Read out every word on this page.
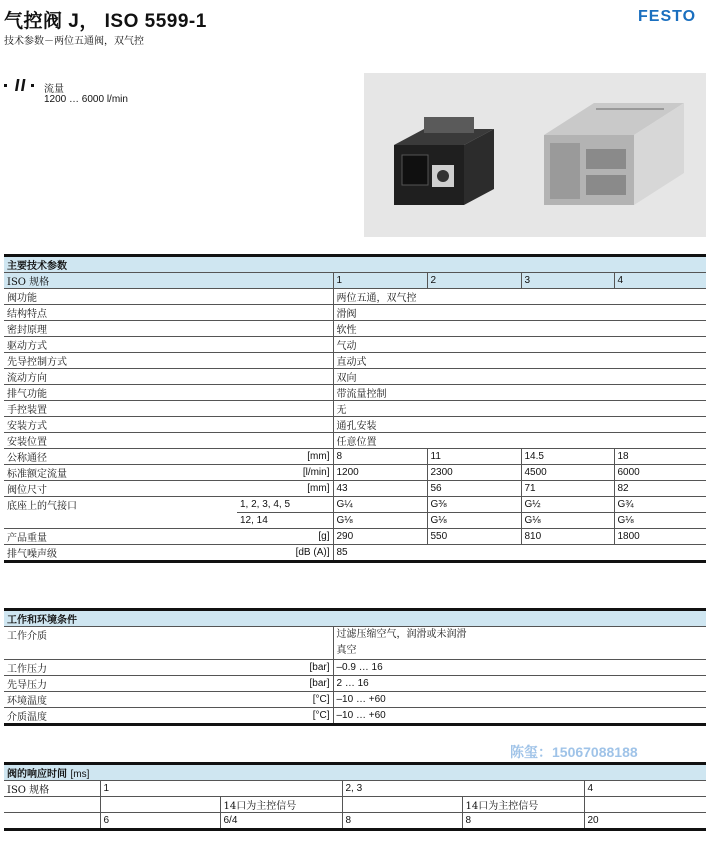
气控阀 J， ISO 5599-1
技术参数－两位五通阀，双气控
FESTO
流量
1200 … 6000 l/min
主要技术参数					
ISO 规格		1	2	3	4
阀功能		两位五通，双气控			
结构特点		滑阀			
密封原理		软性			
驱动方式		气动			
先导控制方式		直动式			
流动方向		双向			
排气功能		带流量控制			
手控装置		无			
安装方式		通孔安装			
安装位置		任意位置			
公称通径	[mm]	8	11	14.5	18
标准额定流量	[l/min]	1200	2300	4500	6000
阀位尺寸	[mm]	43	56	71	82
底座上的气接口	1, 2, 3, 4, 5	G¼	G⅜	G½	G¾
	12, 14	G⅛	G⅛	G⅛	G⅛
产品重量	[g]	290	550	810	1800
排气噪声级	[dB (A)]	85			
工作和环境条件		
工作介质		过滤压缩空气，润滑或未润滑
真空

工作压力	[bar]	–0.9 … 16
先导压力	[bar]	2 … 16
环境温度	[°C]	–10 … +60
介质温度	[°C]	–10 … +60
陈玺：15067088188
阀的响应时间 [ms]					
ISO 规格	1		2, 3		4
		14口为主控信号		14口为主控信号	
	6	6/4	8	8	20
